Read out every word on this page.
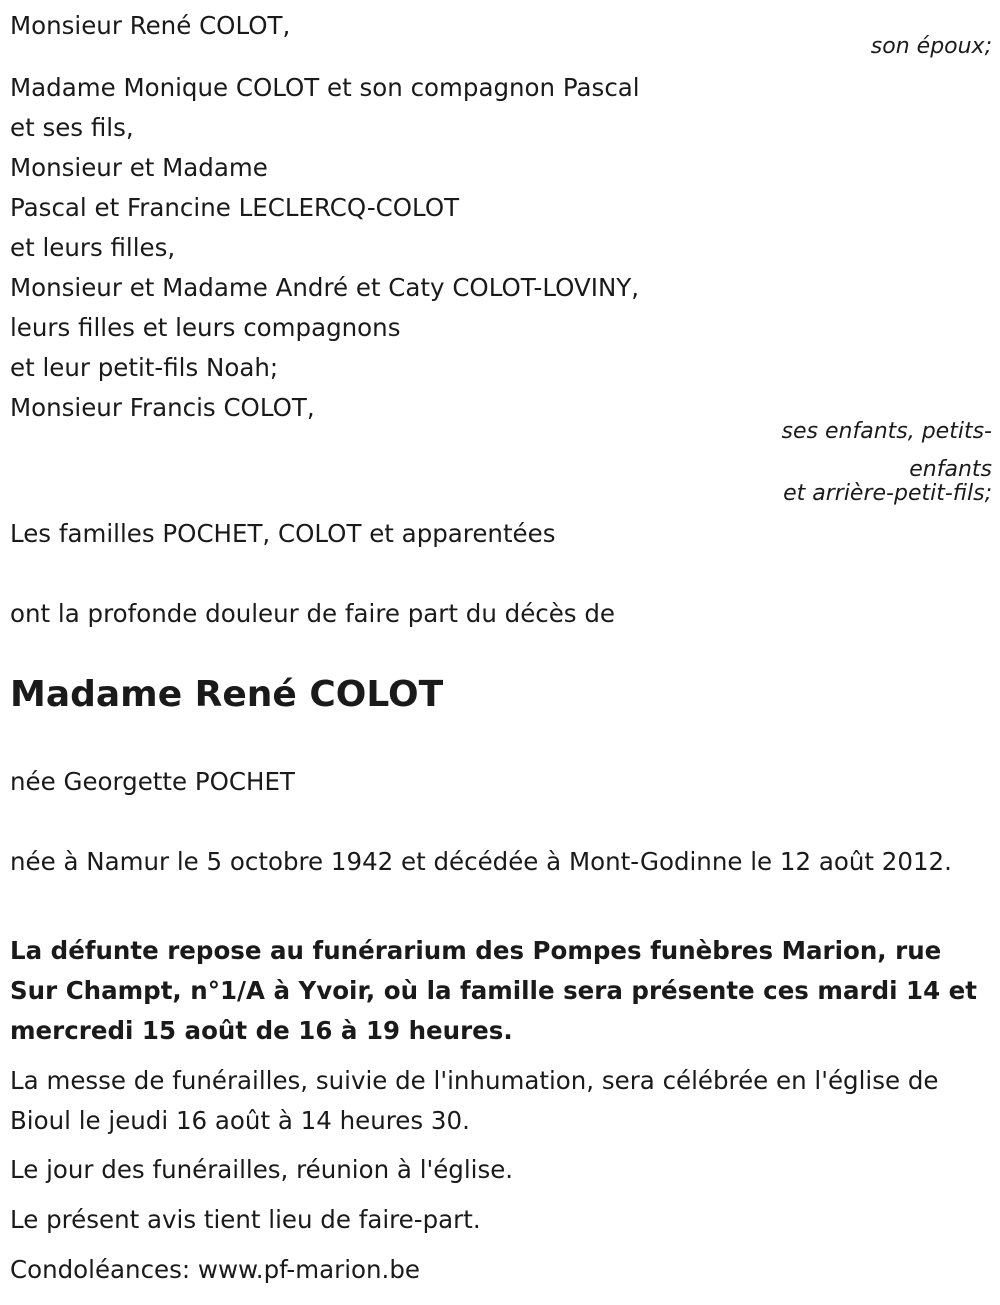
Monsieur René COLOT,

son époux;

Madame Monique COLOT et son compagnon Pascal

et ses fils,

Monsieur et Madame

Pascal et Francine LECLERCQ-COLOT

et leurs filles,

Monsieur et Madame André et Caty COLOT-LOVINY,

leurs filles et leurs compagnons

et leur petit-fils Noah;

Monsieur Francis COLOT,

ses enfants, petits-

enfants

et arrière-petit-fils;

Les familles POCHET, COLOT et apparentées

ont la profonde douleur de faire part du décès de

Madame René COLOT

née Georgette POCHET

née à Namur le 5 octobre 1942 et décédée à Mont-Godinne le 12 août 2012.

La défunte repose au funérarium des Pompes funèbres Marion, rue Sur Champt, n°1/A à Yvoir, où la famille sera présente ces mardi 14 et mercredi 15 août de 16 à 19 heures.

La messe de funérailles, suivie de l'inhumation, sera célébrée en l'église de Bioul le jeudi 16 août à 14 heures 30.

Le jour des funérailles, réunion à l'église.

Le présent avis tient lieu de faire-part.

Condoléances: www.pf-marion.be
